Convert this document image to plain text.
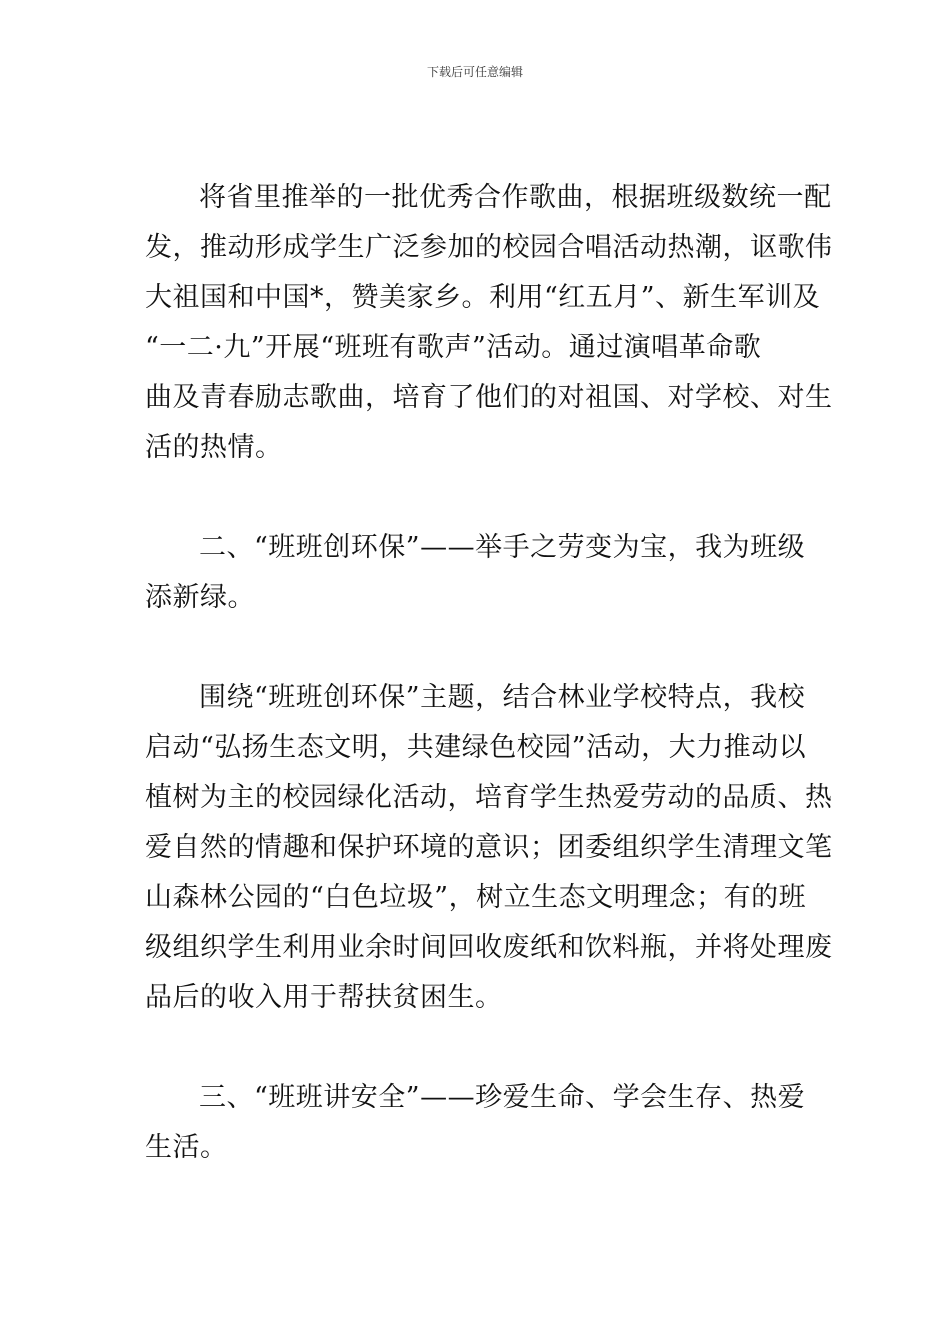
下载后可任意编辑
将省里推举的一批优秀合作歌曲，根据班级数统一配
发，推动形成学生广泛参加的校园合唱活动热潮，讴歌伟
大祖国和中国*，赞美家乡。利用“红五月”、新生军训及
“一二·九”开展“班班有歌声”活动。通过演唱革命歌
曲及青春励志歌曲，培育了他们的对祖国、对学校、对生
活的热情。
二、“班班创环保”——举手之劳变为宝，我为班级
添新绿。
围绕“班班创环保”主题，结合林业学校特点，我校
启动“弘扬生态文明，共建绿色校园”活动，大力推动以
植树为主的校园绿化活动，培育学生热爱劳动的品质、热
爱自然的情趣和保护环境的意识；团委组织学生清理文笔
山森林公园的“白色垃圾”，树立生态文明理念；有的班
级组织学生利用业余时间回收废纸和饮料瓶，并将处理废
品后的收入用于帮扶贫困生。
三、“班班讲安全”——珍爱生命、学会生存、热爱
生活。
